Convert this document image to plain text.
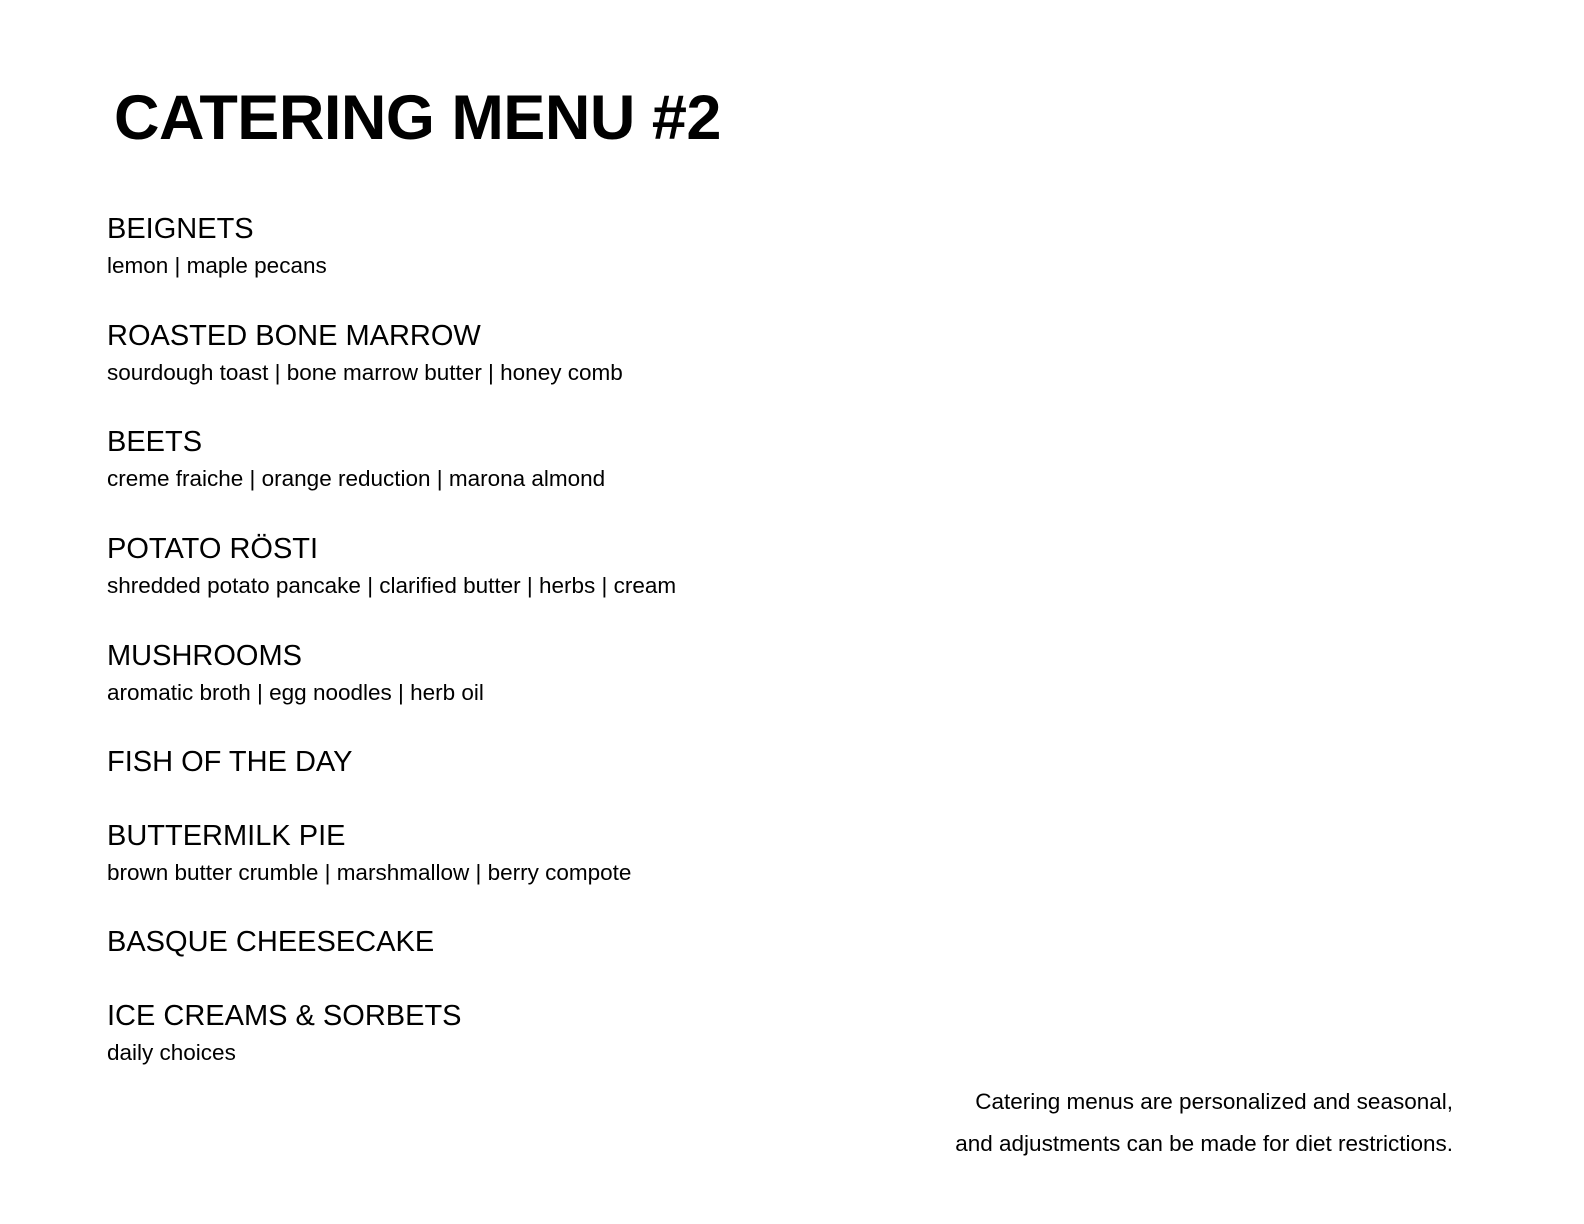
CATERING MENU #2
BEIGNETS
lemon | maple pecans
ROASTED BONE MARROW
sourdough toast | bone marrow butter | honey comb
BEETS
creme fraiche | orange reduction | marona almond
POTATO RÖSTI
shredded potato pancake | clarified butter | herbs | cream
MUSHROOMS
aromatic broth | egg noodles | herb oil
FISH OF THE DAY
BUTTERMILK PIE
brown butter crumble | marshmallow | berry compote
BASQUE CHEESECAKE
ICE CREAMS & SORBETS
daily choices
Catering menus are personalized and seasonal,
and adjustments can be made for diet restrictions.
